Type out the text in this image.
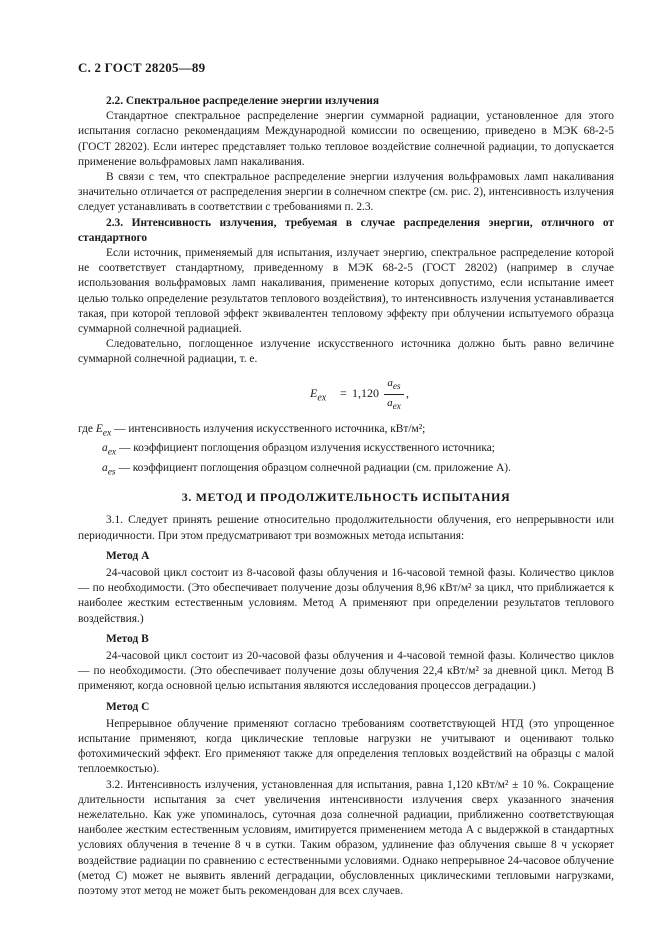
С. 2 ГОСТ 28205—89

2.2. Спектральное распределение энергии излучения

Стандартное спектральное распределение энергии суммарной радиации, установленное для этого испытания согласно рекомендациям Международной комиссии по освещению, приведено в МЭК 68-2-5 (ГОСТ 28202). Если интерес представляет только тепловое воздействие солнечной радиации, то допускается применение вольфрамовых ламп накаливания.

В связи с тем, что спектральное распределение энергии излучения вольфрамовых ламп накаливания значительно отличается от распределения энергии в солнечном спектре (см. рис. 2), интенсивность излучения следует устанавливать в соответствии с требованиями п. 2.3.

2.3. Интенсивность излучения, требуемая в случае распределения энергии, отличного от стандартного

Если источник, применяемый для испытания, излучает энергию, спектральное распределение которой не соответствует стандартному, приведенному в МЭК 68-2-5 (ГОСТ 28202) (например в случае использования вольфрамовых ламп накаливания, применение которых допустимо, если испытание имеет целью только определение результатов теплового воздействия), то интенсивность излучения устанавливается такая, при которой тепловой эффект эквивалентен тепловому эффекту при облучении испытуемого образца суммарной солнечной радиацией.

Следовательно, поглощенное излучение искусственного источника должно быть равно величине суммарной солнечной радиации, т. е.

$E_{ex} = 1,120$
$a_{es}$
$a_{ex}$
,

где $E_{ex}$ — интенсивность излучения искусственного источника, кВт/м²;

$a_{ex}$ — коэффициент поглощения образцом излучения искусственного источника;

$a_{es}$ — коэффициент поглощения образцом солнечной радиации (см. приложение А).

3. МЕТОД И ПРОДОЛЖИТЕЛЬНОСТЬ ИСПЫТАНИЯ

3.1. Следует принять решение относительно продолжительности облучения, его непрерывности или периодичности. При этом предусматривают три возможных метода испытания:

Метод А

24-часовой цикл состоит из 8-часовой фазы облучения и 16-часовой темной фазы. Количество циклов — по необходимости. (Это обеспечивает получение дозы облучения 8,96 кВт/м² за цикл, что приближается к наиболее жестким естественным условиям. Метод А применяют при определении результатов теплового воздействия.)

Метод В

24-часовой цикл состоит из 20-часовой фазы облучения и 4-часовой темной фазы. Количество циклов — по необходимости. (Это обеспечивает получение дозы облучения 22,4 кВт/м² за дневной цикл. Метод В применяют, когда основной целью испытания являются исследования процессов деградации.)

Метод С

Непрерывное облучение применяют согласно требованиям соответствующей НТД (это упрощенное испытание применяют, когда циклические тепловые нагрузки не учитывают и оценивают только фотохимический эффект. Его применяют также для определения тепловых воздействий на образцы с малой теплоемкостью).

3.2. Интенсивность излучения, установленная для испытания, равна 1,120 кВт/м² ± 10 %. Сокращение длительности испытания за счет увеличения интенсивности излучения сверх указанного значения нежелательно. Как уже упоминалось, суточная доза солнечной радиации, приближенно соответствующая наиболее жестким естественным условиям, имитируется применением метода А с выдержкой в стандартных условиях облучения в течение 8 ч в сутки. Таким образом, удлинение фаз облучения свыше 8 ч ускоряет воздействие радиации по сравнению с естественными условиями. Однако непрерывное 24-часовое облучение (метод С) может не выявить явлений деградации, обусловленных циклическими тепловыми нагрузками, поэтому этот метод не может быть рекомендован для всех случаев.
